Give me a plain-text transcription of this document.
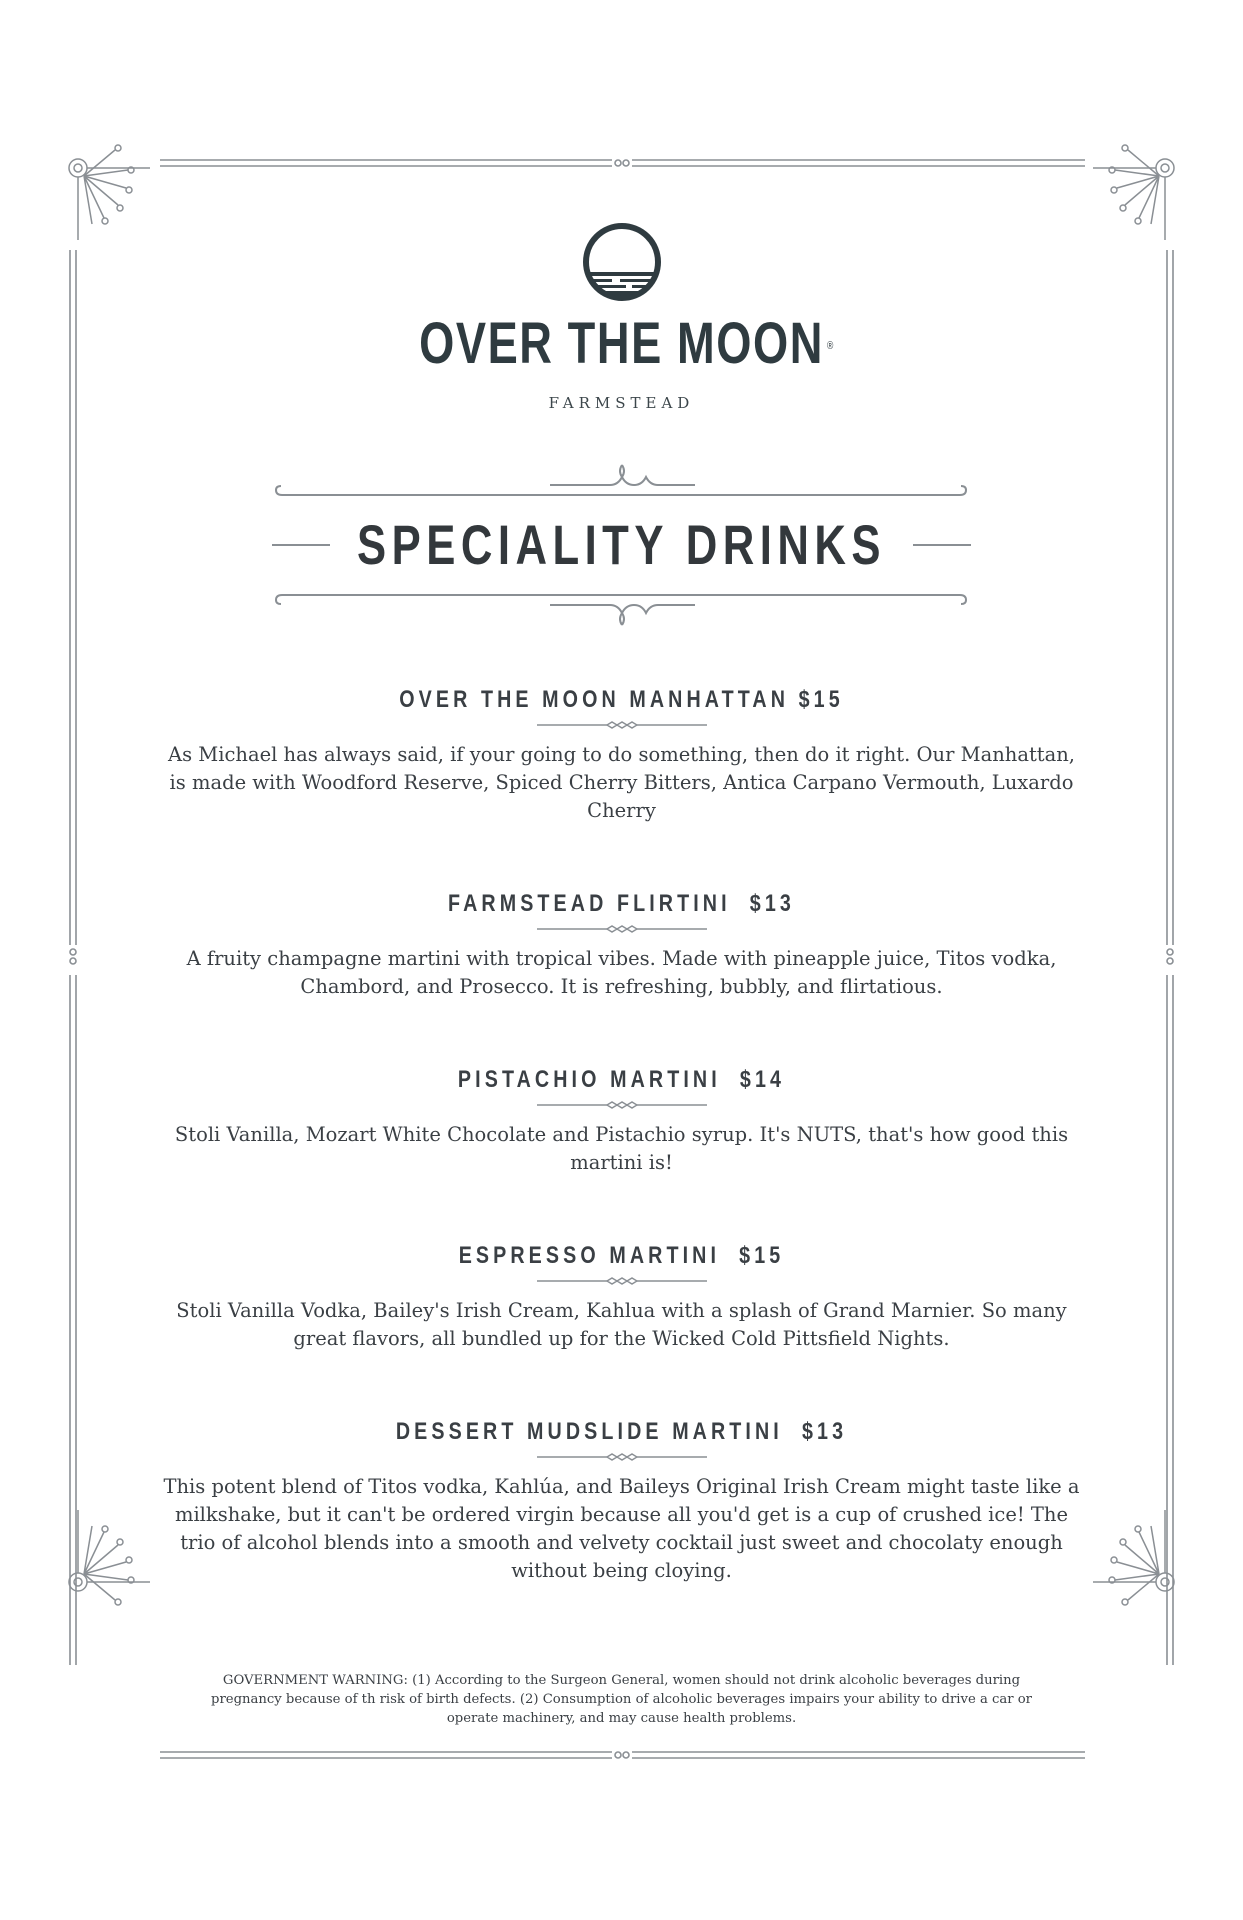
OVER THE MOON ®
FARMSTEAD
SPECIALITY DRINKS
OVER THE MOON MANHATTAN $15
As Michael has always said, if your going to do something, then do it right. Our Manhattan, is made with Woodford Reserve, Spiced Cherry Bitters, Antica Carpano Vermouth, Luxardo Cherry
FARMSTEAD FLIRTINI  $13
A fruity champagne martini with tropical vibes. Made with pineapple juice, Titos vodka, Chambord, and Prosecco. It is refreshing, bubbly, and flirtatious.
PISTACHIO MARTINI  $14
Stoli Vanilla, Mozart White Chocolate and Pistachio syrup. It's NUTS, that's how good this martini is!
ESPRESSO MARTINI  $15
Stoli Vanilla Vodka, Bailey's Irish Cream, Kahlua with a splash of Grand Marnier. So many great flavors, all bundled up for the Wicked Cold Pittsfield Nights.
DESSERT MUDSLIDE MARTINI  $13
This potent blend of Titos vodka, Kahlúa, and Baileys Original Irish Cream might taste like a milkshake, but it can't be ordered virgin because all you'd get is a cup of crushed ice! The trio of alcohol blends into a smooth and velvety cocktail just sweet and chocolaty enough without being cloying.
GOVERNMENT WARNING: (1) According to the Surgeon General, women should not drink alcoholic beverages during pregnancy because of th risk of birth defects. (2) Consumption of alcoholic beverages impairs your ability to drive a car or operate machinery, and may cause health problems.
